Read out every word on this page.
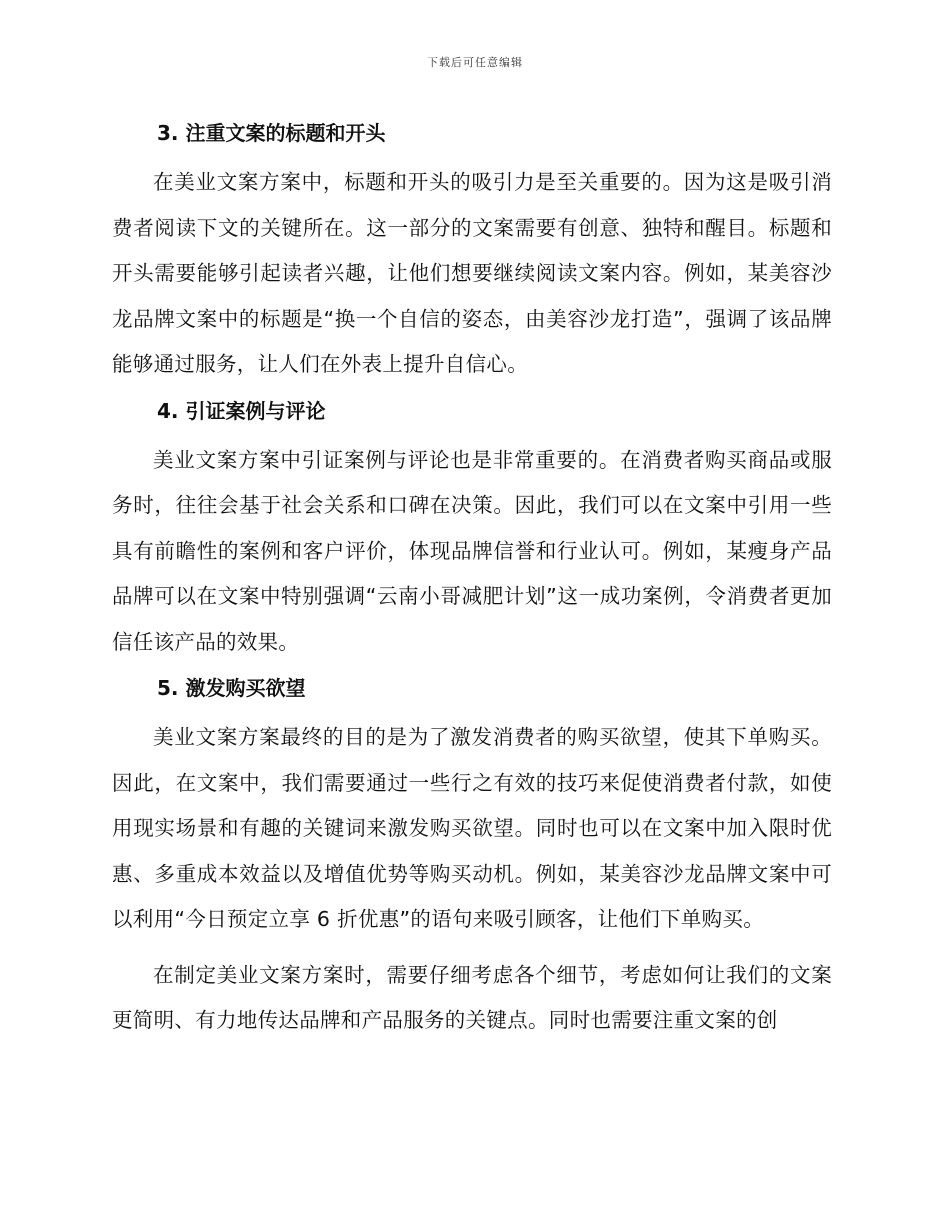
下载后可任意编辑
3. 注重文案的标题和开头

在美业文案方案中，标题和开头的吸引力是至关重要的。因为这是吸引消费者阅读下文的关键所在。这一部分的文案需要有创意、独特和醒目。标题和开头需要能够引起读者兴趣，让他们想要继续阅读文案内容。例如，某美容沙龙品牌文案中的标题是“换一个自信的姿态，由美容沙龙打造”，强调了该品牌能够通过服务，让人们在外表上提升自信心。

4. 引证案例与评论

美业文案方案中引证案例与评论也是非常重要的。在消费者购买商品或服务时，往往会基于社会关系和口碑在决策。因此，我们可以在文案中引用一些具有前瞻性的案例和客户评价，体现品牌信誉和行业认可。例如，某瘦身产品品牌可以在文案中特别强调“云南小哥减肥计划”这一成功案例，令消费者更加信任该产品的效果。

5. 激发购买欲望

美业文案方案最终的目的是为了激发消费者的购买欲望，使其下单购买。因此，在文案中，我们需要通过一些行之有效的技巧来促使消费者付款，如使用现实场景和有趣的关键词来激发购买欲望。同时也可以在文案中加入限时优惠、多重成本效益以及增值优势等购买动机。例如，某美容沙龙品牌文案中可以利用“今日预定立享 6 折优惠”的语句来吸引顾客，让他们下单购买。

在制定美业文案方案时，需要仔细考虑各个细节，考虑如何让我们的文案更简明、有力地传达品牌和产品服务的关键点。同时也需要注重文案的创
